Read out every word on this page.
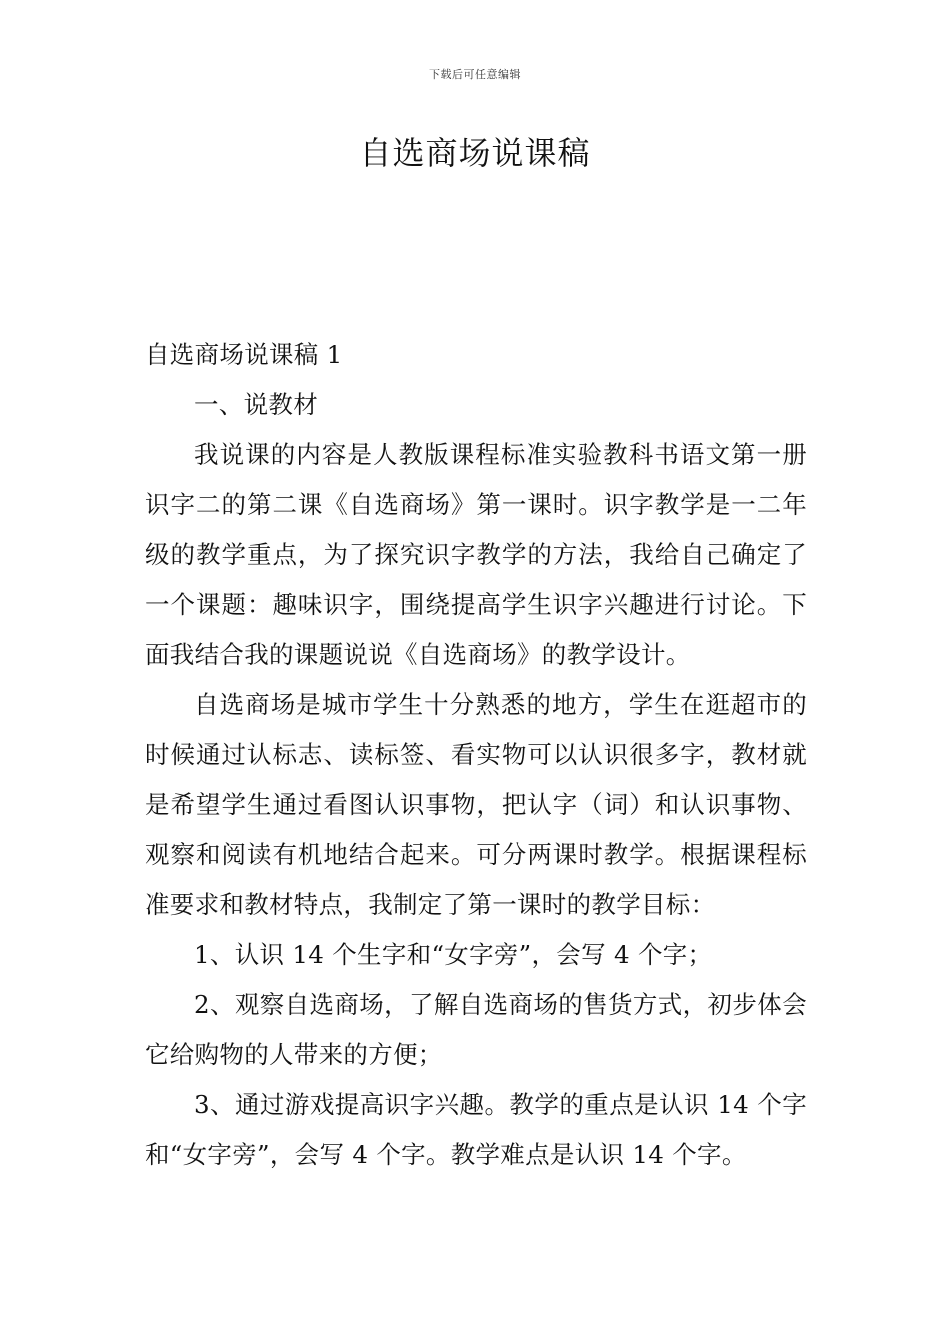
下载后可任意编辑
自选商场说课稿

自选商场说课稿 1

一、说教材

我说课的内容是人教版课程标准实验教科书语文第一册识字二的第二课《自选商场》第一课时。识字教学是一二年级的教学重点，为了探究识字教学的方法，我给自己确定了一个课题：趣味识字，围绕提高学生识字兴趣进行讨论。下面我结合我的课题说说《自选商场》的教学设计。

自选商场是城市学生十分熟悉的地方，学生在逛超市的时候通过认标志、读标签、看实物可以认识很多字，教材就是希望学生通过看图认识事物，把认字（词）和认识事物、观察和阅读有机地结合起来。可分两课时教学。根据课程标准要求和教材特点，我制定了第一课时的教学目标：

1、认识 14 个生字和“女字旁”，会写 4 个字；

2、观察自选商场，了解自选商场的售货方式，初步体会它给购物的人带来的方便；

3、通过游戏提高识字兴趣。教学的重点是认识 14 个字和“女字旁”，会写 4 个字。教学难点是认识 14 个字。
